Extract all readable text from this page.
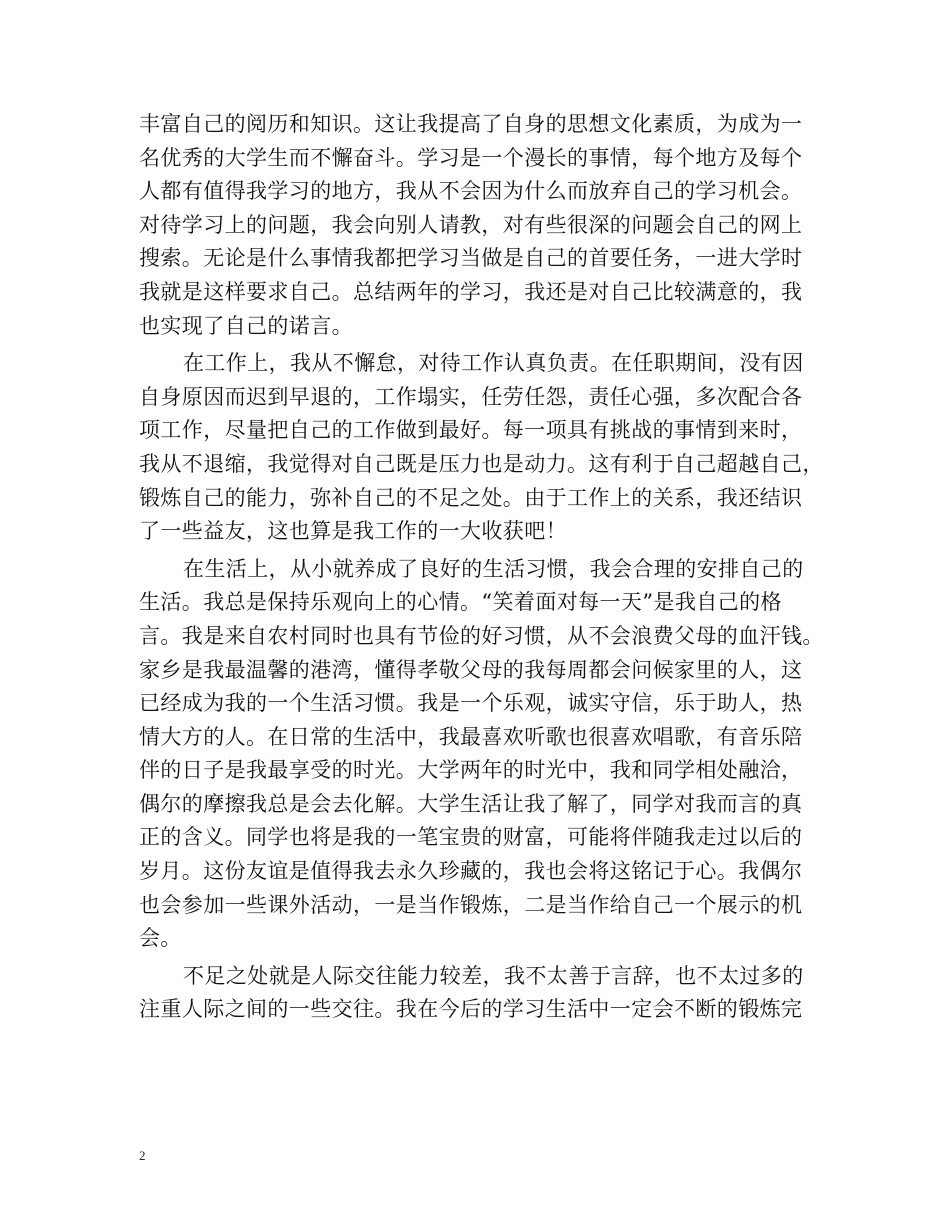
丰富自己的阅历和知识。这让我提高了自身的思想文化素质，为成为一
名优秀的大学生而不懈奋斗。学习是一个漫长的事情，每个地方及每个
人都有值得我学习的地方，我从不会因为什么而放弃自己的学习机会。
对待学习上的问题，我会向别人请教，对有些很深的问题会自己的网上
搜索。无论是什么事情我都把学习当做是自己的首要任务，一进大学时
我就是这样要求自己。总结两年的学习，我还是对自己比较满意的，我
也实现了自己的诺言。
在工作上，我从不懈怠，对待工作认真负责。在任职期间，没有因
自身原因而迟到早退的，工作塌实，任劳任怨，责任心强，多次配合各
项工作，尽量把自己的工作做到最好。每一项具有挑战的事情到来时，
我从不退缩，我觉得对自己既是压力也是动力。这有利于自己超越自己，
锻炼自己的能力，弥补自己的不足之处。由于工作上的关系，我还结识
了一些益友，这也算是我工作的一大收获吧！
在生活上，从小就养成了良好的生活习惯，我会合理的安排自己的
生活。我总是保持乐观向上的心情。“笑着面对每一天”是我自己的格
言。我是来自农村同时也具有节俭的好习惯，从不会浪费父母的血汗钱。
家乡是我最温馨的港湾，懂得孝敬父母的我每周都会问候家里的人，这
已经成为我的一个生活习惯。我是一个乐观，诚实守信，乐于助人，热
情大方的人。在日常的生活中，我最喜欢听歌也很喜欢唱歌，有音乐陪
伴的日子是我最享受的时光。大学两年的时光中，我和同学相处融洽，
偶尔的摩擦我总是会去化解。大学生活让我了解了，同学对我而言的真
正的含义。同学也将是我的一笔宝贵的财富，可能将伴随我走过以后的
岁月。这份友谊是值得我去永久珍藏的，我也会将这铭记于心。我偶尔
也会参加一些课外活动，一是当作锻炼，二是当作给自己一个展示的机
会。
不足之处就是人际交往能力较差，我不太善于言辞，也不太过多的
注重人际之间的一些交往。我在今后的学习生活中一定会不断的锻炼完
2
